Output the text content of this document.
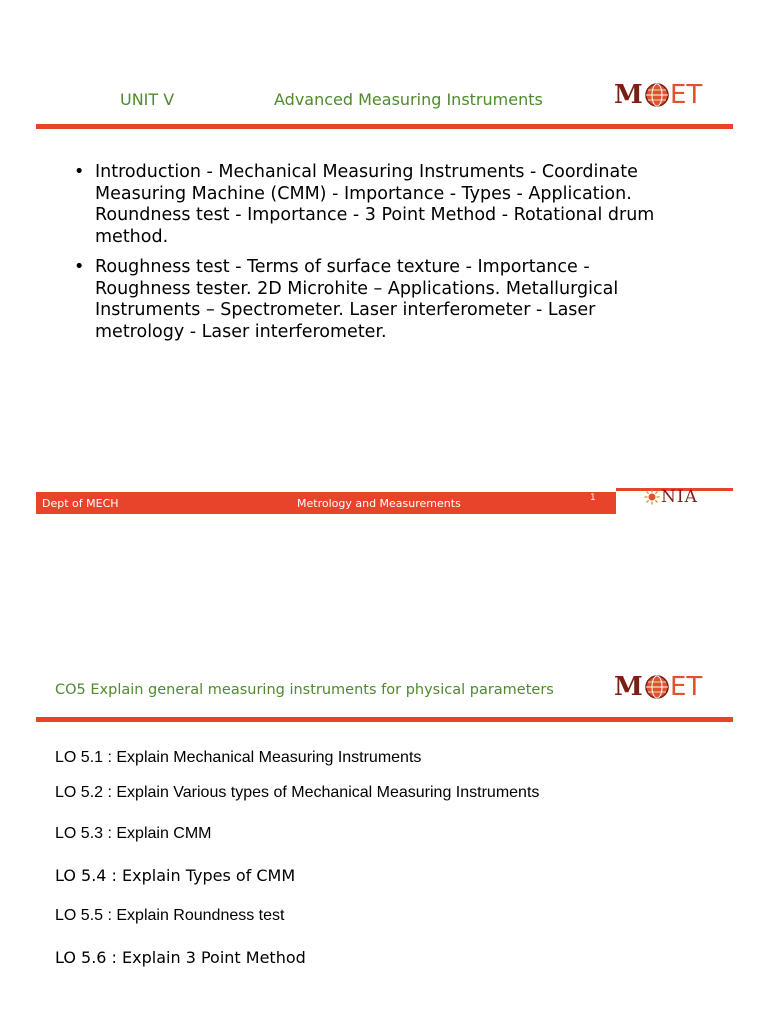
UNIT V	Advanced Measuring Instruments	M ET
• Introduction - Mechanical Measuring Instruments - Coordinate Measuring Machine (CMM) - Importance - Types - Application. Roundness test - Importance - 3 Point Method - Rotational drum method.
• Roughness test - Terms of surface texture - Importance - Roughness tester. 2D Microhite – Applications. Metallurgical Instruments – Spectrometer. Laser interferometer - Laser metrology - Laser interferometer.
Dept of MECH	Metrology and Measurements	1	NIA
CO5 Explain general measuring instruments for physical parameters M ET
LO 5.1 : Explain Mechanical Measuring Instruments
LO 5.2 : Explain Various types of Mechanical Measuring Instruments
LO 5.3 : Explain CMM
LO 5.4 : Explain Types of CMM
LO 5.5 : Explain Roundness test
LO 5.6 : Explain 3 Point Method
